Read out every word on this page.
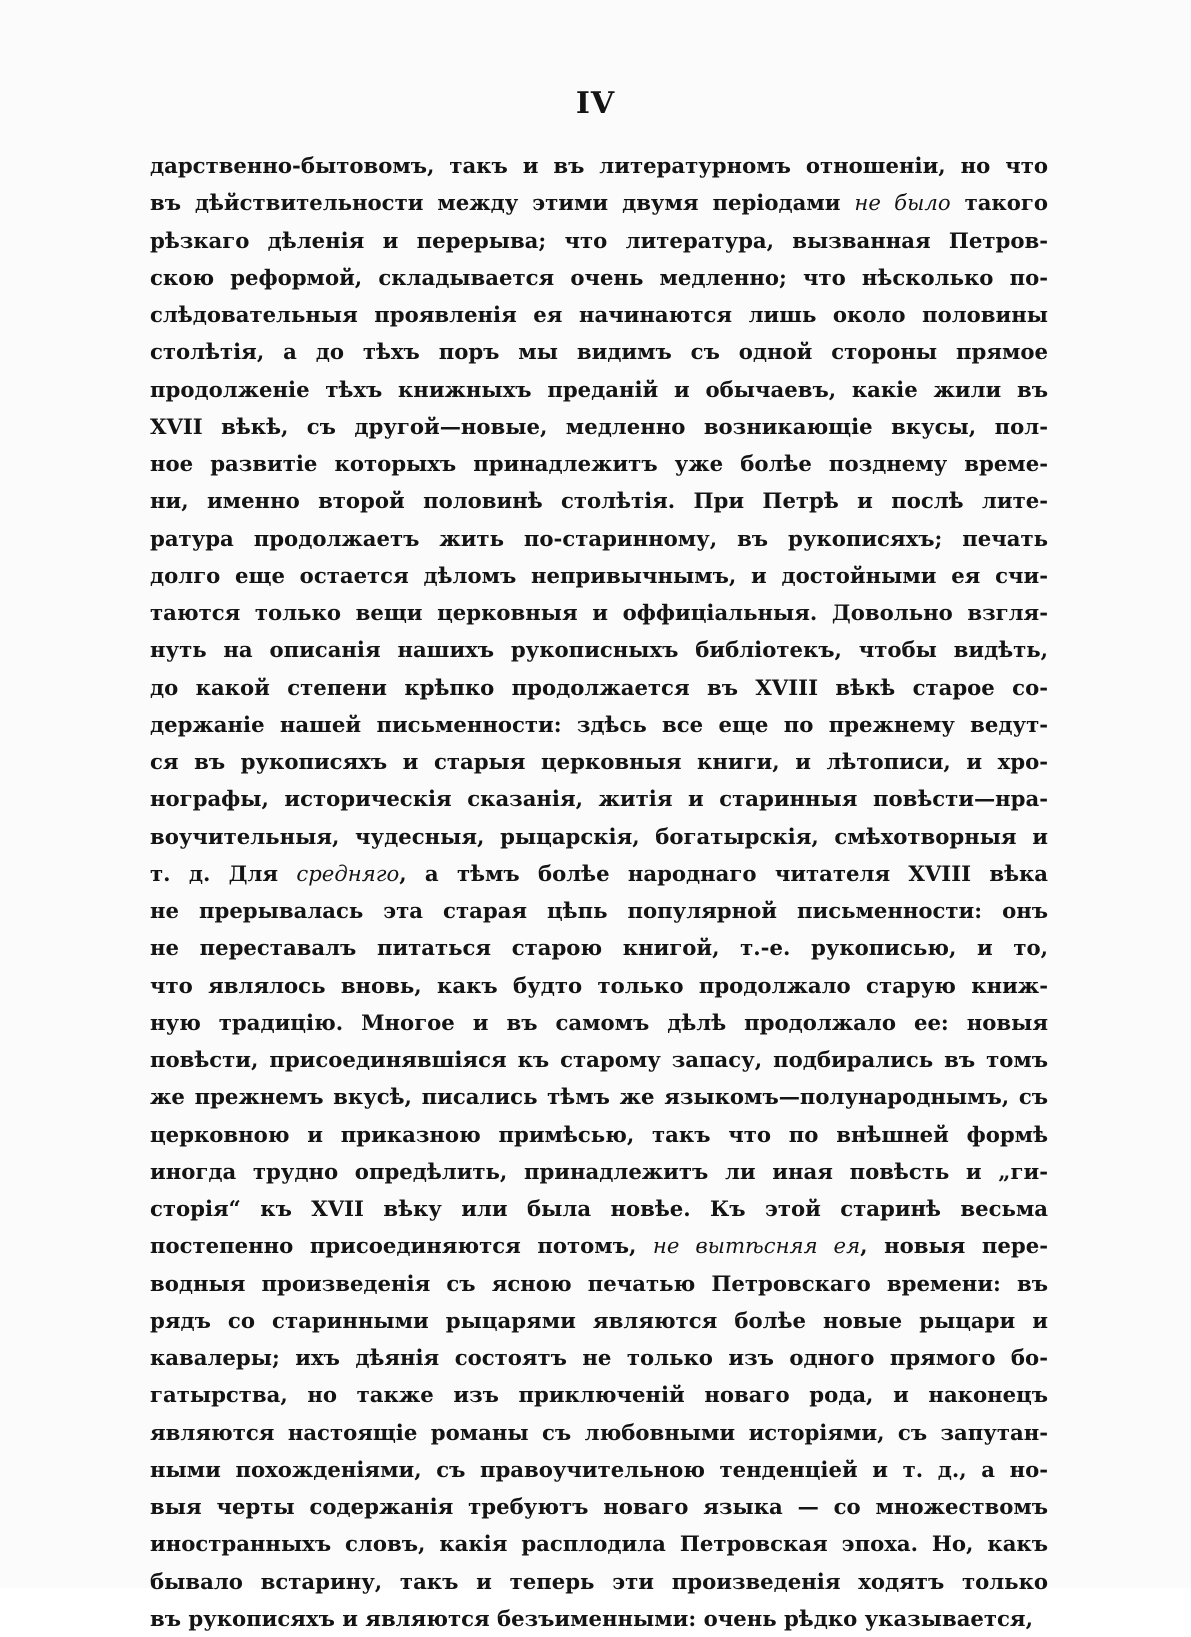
IV
дарственно-бытовомъ, такъ и въ литературномъ отношеніи, но что
въ дѣйствительности между этими двумя періодами не было такого
рѣзкаго дѣленія и перерыва; что литература, вызванная Петров-
скою реформой, складывается очень медленно; что нѣсколько по-
слѣдовательныя проявленія ея начинаются лишь около половины
столѣтія, а до тѣхъ поръ мы видимъ съ одной стороны прямое
продолженіе тѣхъ книжныхъ преданій и обычаевъ, какіе жили въ
XVII вѣкѣ, съ другой—новые, медленно возникающіе вкусы, пол-
ное развитіе которыхъ принадлежитъ уже болѣе позднему време-
ни, именно второй половинѣ столѣтія. При Петрѣ и послѣ лите-
ратура продолжаетъ жить по-старинному, въ рукописяхъ; печать
долго еще остается дѣломъ непривычнымъ, и достойными ея счи-
таются только вещи церковныя и оффиціальныя. Довольно взгля-
нуть на описанія нашихъ рукописныхъ библіотекъ, чтобы видѣть,
до какой степени крѣпко продолжается въ XVIII вѣкѣ старое со-
держаніе нашей письменности: здѣсь все еще по прежнему ведут-
ся въ рукописяхъ и старыя церковныя книги, и лѣтописи, и хро-
нографы, историческія сказанія, житія и старинныя повѣсти—нра-
воучительныя, чудесныя, рыцарскія, богатырскія, смѣхотворныя и
т. д. Для средняго, а тѣмъ болѣе народнаго читателя XVIII вѣка
не прерывалась эта старая цѣпь популярной письменности: онъ
не переставалъ питаться старою книгой, т.-е. рукописью, и то,
что являлось вновь, какъ будто только продолжало старую книж-
ную традицію. Многое и въ самомъ дѣлѣ продолжало ее: новыя
повѣсти, присоединявшіяся къ старому запасу, подбирались въ томъ
же прежнемъ вкусѣ, писались тѣмъ же языкомъ—полународнымъ, съ
церковною и приказною примѣсью, такъ что по внѣшней формѣ
иногда трудно опредѣлить, принадлежитъ ли иная повѣсть и „ги-
сторія“ къ XVII вѣку или была новѣе. Къ этой старинѣ весьма
постепенно присоединяются потомъ, не вытѣсняя ея, новыя пере-
водныя произведенія съ ясною печатью Петровскаго времени: въ
рядъ со старинными рыцарями являются болѣе новые рыцари и
кавалеры; ихъ дѣянія состоятъ не только изъ одного прямого бо-
гатырства, но также изъ приключеній новаго рода, и наконецъ
являются настоящіе романы съ любовными исторіями, съ запутан-
ными похожденіями, съ правоучительною тенденціей и т. д., а но-
выя черты содержанія требуютъ новаго языка — со множествомъ
иностранныхъ словъ, какія расплодила Петровская эпоха. Но, какъ
бывало встарину, такъ и теперь эти произведенія ходятъ только
въ рукописяхъ и являются безъименными: очень рѣдко указывается,
